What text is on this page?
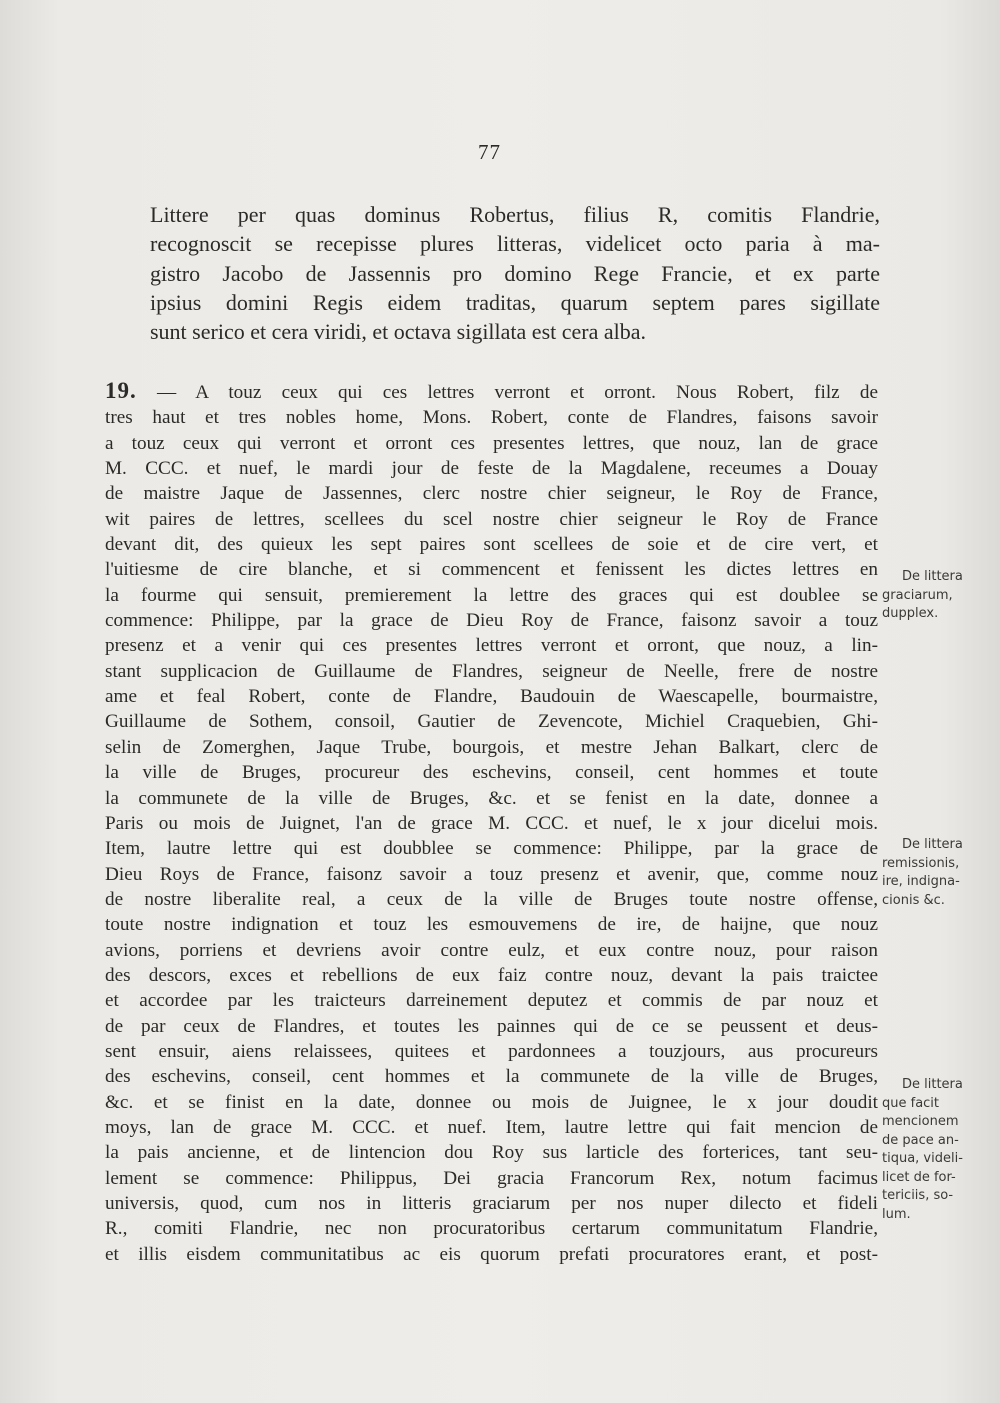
77
Littere per quas dominus Robertus, filius R, comitis Flandrie,
recognoscit se recepisse plures litteras, videlicet octo paria à ma-
gistro Jacobo de Jassennis pro domino Rege Francie, et ex parte
ipsius domini Regis eidem traditas, quarum septem pares sigillate
sunt serico et cera viridi, et octava sigillata est cera alba.
19. — A touz ceux qui ces lettres verront et orront. Nous Robert, filz de
tres haut et tres nobles home, Mons. Robert, conte de Flandres, faisons savoir
a touz ceux qui verront et orront ces presentes lettres, que nouz, lan de grace
M. CCC. et nuef, le mardi jour de feste de la Magdalene, receumes a Douay
de maistre Jaque de Jassennes, clerc nostre chier seigneur, le Roy de France,
wit paires de lettres, scellees du scel nostre chier seigneur le Roy de France
devant dit, des quieux les sept paires sont scellees de soie et de cire vert, et
l'uitiesme de cire blanche, et si commencent et fenissent les dictes lettres en
la fourme qui sensuit, premierement la lettre des graces qui est doublee se
commence: Philippe, par la grace de Dieu Roy de France, faisonz savoir a touz
presenz et a venir qui ces presentes lettres verront et orront, que nouz, a lin-
stant supplicacion de Guillaume de Flandres, seigneur de Neelle, frere de nostre
ame et feal Robert, conte de Flandre, Baudouin de Waescapelle, bourmaistre,
Guillaume de Sothem, consoil, Gautier de Zevencote, Michiel Craquebien, Ghi-
selin de Zomerghen, Jaque Trube, bourgois, et mestre Jehan Balkart, clerc de
la ville de Bruges, procureur des eschevins, conseil, cent hommes et toute
la communete de la ville de Bruges, &c. et se fenist en la date, donnee a
Paris ou mois de Juignet, l'an de grace M. CCC. et nuef, le x jour dicelui mois.
Item, lautre lettre qui est doubblee se commence: Philippe, par la grace de
Dieu Roys de France, faisonz savoir a touz presenz et avenir, que, comme nouz
de nostre liberalite real, a ceux de la ville de Bruges toute nostre offense,
toute nostre indignation et touz les esmouvemens de ire, de haijne, que nouz
avions, porriens et devriens avoir contre eulz, et eux contre nouz, pour raison
des descors, exces et rebellions de eux faiz contre nouz, devant la pais traictee
et accordee par les traicteurs darreinement deputez et commis de par nouz et
de par ceux de Flandres, et toutes les painnes qui de ce se peussent et deus-
sent ensuir, aiens relaissees, quitees et pardonnees a touzjours, aus procureurs
des eschevins, conseil, cent hommes et la communete de la ville de Bruges,
&c. et se finist en la date, donnee ou mois de Juignee, le x jour doudit
moys, lan de grace M. CCC. et nuef. Item, lautre lettre qui fait mencion de
la pais ancienne, et de lintencion dou Roy sus larticle des forterices, tant seu-
lement se commence: Philippus, Dei gracia Francorum Rex, notum facimus
universis, quod, cum nos in litteris graciarum per nos nuper dilecto et fideli
R., comiti Flandrie, nec non procuratoribus certarum communitatum Flandrie,
et illis eisdem communitatibus ac eis quorum prefati procuratores erant, et post-
De littera
graciarum,
dupplex.
De littera
remissionis,
ire, indigna-
cionis &c.
De littera
que facit
mencionem
de pace an-
tiqua, videli-
licet de for-
tericiis, so-
lum.
